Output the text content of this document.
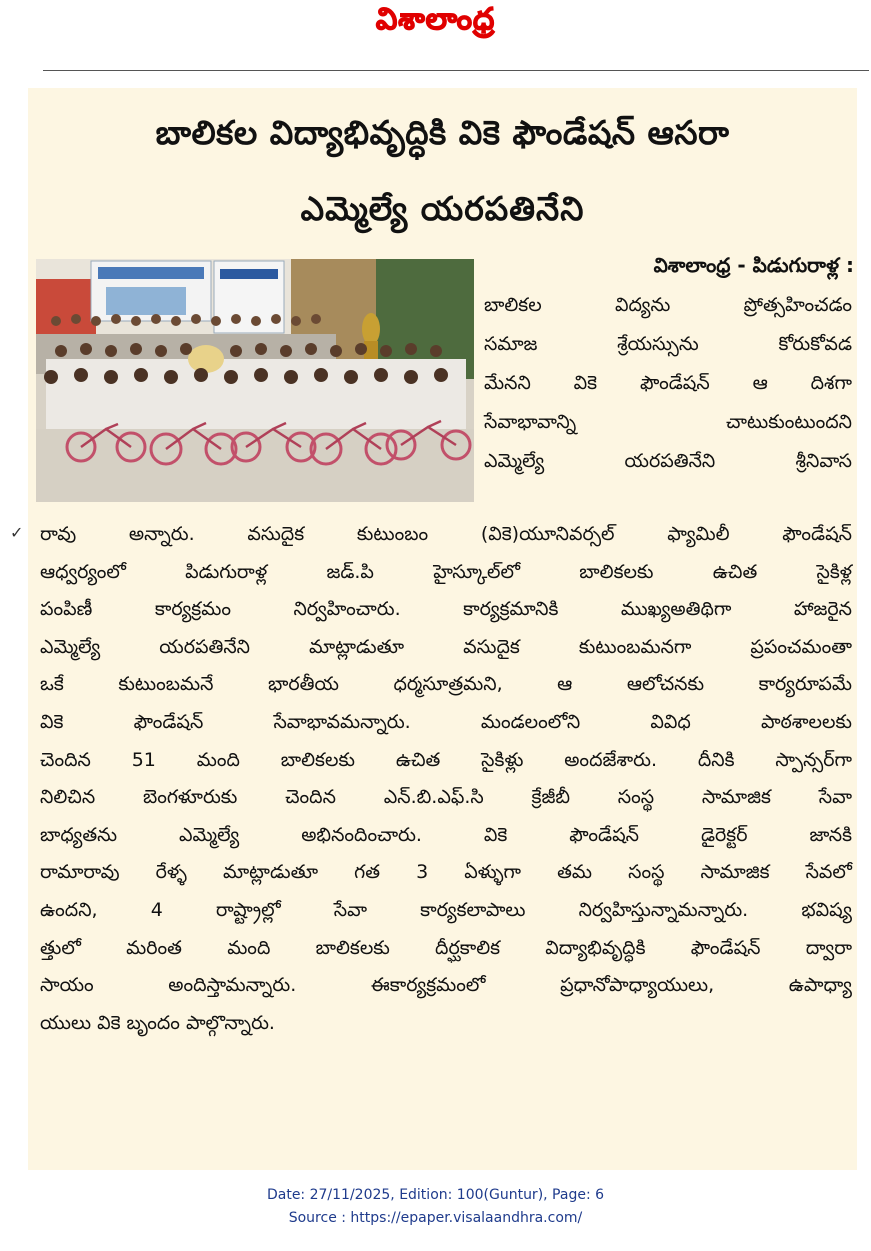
విశాలాంధ్ర
బాలికల విద్యాభివృద్ధికి వికె ఫౌండేషన్ ఆసరా
ఎమ్మెల్యే యరపతినేని
విశాలాంధ్ర - పిడుగురాళ్ల :
బాలికల విద్యను ప్రోత్సహించడం
సమాజ శ్రేయస్సును కోరుకోవడ
మేనని వికె ఫౌండేషన్ ఆ దిశగా
సేవాభావాన్ని చాటుకుంటుందని
ఎమ్మెల్యే యరపతినేని శ్రీనివాస
రావు అన్నారు. వసుదైక కుటుంబం (వికె)యూనివర్సల్ ఫ్యామిలీ ఫౌండేషన్
ఆధ్వర్యంలో పిడుగురాళ్ల జడ్.పి హైస్కూల్‌లో బాలికలకు ఉచిత సైకిళ్ల
పంపిణీ కార్యక్రమం నిర్వహించారు. కార్యక్రమానికి ముఖ్యఅతిథిగా హాజరైన
ఎమ్మెల్యే యరపతినేని మాట్లాడుతూ వసుదైక కుటుంబమనగా ప్రపంచమంతా
ఒకే కుటుంబమనే భారతీయ ధర్మసూత్రమని, ఆ ఆలోచనకు కార్యరూపమే
వికె ఫౌండేషన్ సేవాభావమన్నారు. మండలంలోని వివిధ పాఠశాలలకు
చెందిన 51 మంది బాలికలకు ఉచిత సైకిళ్లు అందజేశారు. దీనికి స్పాన్సర్‌గా
నిలిచిన బెంగళూరుకు చెందిన ఎన్.బి.ఎఫ్.సి క్రేజీబీ సంస్థ సామాజిక సేవా
బాధ్యతను ఎమ్మెల్యే అభినందించారు. వికె ఫౌండేషన్ డైరెక్టర్ జానకి
రామారావు రేళ్ళ మాట్లాడుతూ గత 3 ఏళ్ళుగా తమ సంస్థ సామాజిక సేవలో
ఉందని, 4 రాష్ట్రాల్లో సేవా కార్యకలాపాలు నిర్వహిస్తున్నామన్నారు. భవిష్య
త్తులో మరింత మంది బాలికలకు దీర్ఘకాలిక విద్యాభివృద్ధికి ఫౌండేషన్ ద్వారా
సాయం అందిస్తామన్నారు. ఈకార్యక్రమంలో ప్రధానోపాధ్యాయులు, ఉపాధ్యా
యులు వికె బృందం పాల్గొన్నారు.
✓
Date: 27/11/2025, Edition: 100(Guntur), Page: 6
Source : https://epaper.visalaandhra.com/
